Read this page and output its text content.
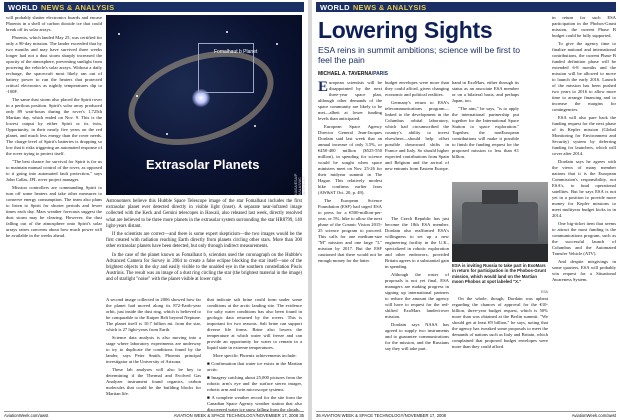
WORLD NEWS & ANALYSIS

will probably shatter electronics boards and encase Phoenix in a shell of carbon dioxide ice that could break off its solar arrays.

Phoenix, which landed May 25, was certified for only a 90-day mission. The lander exceeded that by two months and may have survived three weeks longer had not a dust storm sharply increased the opacity of the atmosphere, preventing sunlight from powering the vehicle's solar arrays. Without a daily recharge, the spacecraft most likely ran out of battery power to run the heaters that protected critical electronics as nightly temperatures dip to -100F.

The same dust storm also placed the Spirit rover in a perilous position. Spirit's solar array produced only 89 watt-hours during the rover's 1,725th Martian day, which ended on Nov. 9. This is the lowest output by either Spirit or its twin, Opportunity, in their nearly five years on the red planet, and much less energy than the rover needs. The charge level of Spirit's batteries is dropping so low that it risks triggering an automated response of the rover trying to protect itself.

"The best chance for survival for Spirit is for us to maintain manual control of the rover, as opposed to it going into automated fault protection," says John Callas, JPL rover project manager.

Mission controllers are commanding Spirit to turn off some heaters and take other measures to conserve energy consumption. The team also plans to listen to Spirit for shorter periods and fewer times each day. Mars weather forecasts suggest the dust storm may be clearing. However, the dust falling out of the atmosphere onto Spirit's solar arrays raises concerns about how much power will be available in the weeks ahead.

Fomalhaut b Planet
Extrasolar Planets
NASA/ESA/P. KALAS/UC BERKELEY

Astronomers believe this Hubble Space Telescope image of the star Fomalhaut includes the first extrasolar planet ever detected directly in visible light (inset). A separate near-infrared image collected with the Keck and Gemini telescopes in Hawaii, also released last week, directly resolved what are believed to be three more planets in the extrasolar system surrounding the star HR8799, 140 light-years distant.

If the scientists are correct—and there is some expert skepticism—the two images would be the first created with radiation reaching Earth directly from planets circling other stars. More than 300 other extrasolar planets have been detected, but only through indirect measurements.

In the case of the planet known as Fomalhaut b, scientists used the coronagraph on the Hubble's Advanced Camera for Survey in 2004 to create a false eclipse blocking the star itself—one of the brightest objects in the sky and easily visible to the unaided eye in the southern constellation Piscis Austrinis. The result was an image of a dust ring circling the star (the brightest material in the image) and of starlight "noise" with the planet visible at lower right.

A second image collected in 2006 showed how far the planet had moved along its 872-Earth-year orbit, just inside the dust ring, which is believed to be comparable to the Kuiper Belt beyond Neptune. The planet itself is 10.7 billion mi. from the star, which is 27 light-years from Earth.

Science data analysis is also moving into a stage where laboratory experiments are underway to try to duplicate the conditions found by the lander, says Peter Smith, Phoenix principal investigator at the University of Arizona.

These lab analyses will also be key to determining if the Thermal and Evolved Gas Analyzer instrument found organics, carbon molecules that could be the building blocks for Martian life.

that indicate salt brine could form under some conditions at the arctic landing site. The evidence for salty water conditions has also been found in geologic data returned by the rovers. This is important for two reasons. Salt brine can support diverse life forms. Brine also lowers the temperature at which water will freeze and can provide an opportunity for water to remain in a liquid state in extreme temperatures.

More specific Phoenix achievements include:

■ Confirmation that water ice exists in the Martian arctic.

■ Imagery catching about 25,000 pictures from the robotic arm's eye and the surface stereo imager, robotic arm and twin microscope systems.

■ A complete weather record for the site from the Canadian Space Agency weather station that also discovered water ice snow falling from the clouds.

AviationWeek.com/awst	AVIATION WEEK & SPACE TECHNOLOGY/NOVEMBER 17, 2008 35
WORLD NEWS & ANALYSIS
Lowering Sights
ESA reins in summit ambitions; science will be first to feel the pain
MICHAEL A. TAVERNA/PARIS

European scientists will be disappointed by the next three-year space plan, although other demands of the space community are likely to be met—albeit at lower funding levels than anticipated.

European Space Agency Director General Jean-Jacques Dordain said last week that an annual increase of only 3.5%, or €450-400 million ($525-550 million), in spending for science would be sought when space ministers meet on Nov. 25-26 for their midyear summit in The Hague. This relatively modest hike confirms earlier fears (AW&ST Oct. 20, p. 49).

The European Science Foundation (ESF) had urged ESA to press for a €500-million-per-year, or 5%, hike to allow the next phase of the Cosmic Vision 2015-25 science program to proceed. This calls for one medium-size "M" mission and one large "L" mission by 2017. But the ESF cautioned that there would not be enough money for the latter.

budget envelopes were more than they could afford, given changing economic and political realities.

Germany's return to ESA's telecommunications program—linked to the development in the Columbus orbital laboratory, which had circumscribed the country's ability to invest elsewhere—should help offset possible downward shifts in France and Italy. So should higher expected contributions from Spain and Belgium and the arrival of new entrants from Eastern Europe.

hand in ExoMars, either through its status as an associate ESA member or on a bilateral basis, and perhaps Japan, too.

"The aim," he says, "is to apply the international partnership put together for the International Space Station to space exploration." Together, the nonEuropean contributions will make it possible to finish the funding request for the proposed mission to less than €1 billion.

ESA is inviting Russia to take part in ExoMars in return for participation in the Phobos-Grunt mission, which would land on the Martian moon Phobos at spot labeled "X."
ESA

The Czech Republic has just become the 18th ESA member. Dordain also reaffirmed ESA's willingness to set up a new engineering facility in the U.K., specialized in robotic exploration and other endeavors, provided Britain agrees to a substantial gain in spending.

Although the roster of proposals is not yet final, ESA managers are making progress in signing up international partners to reduce the amount the agency will have to request for the red-shifted ExoMars lander/rover mission.

Dordain says NASA has agreed to supply two instruments and to guarantee communications for the mission, and the Russians say they will take part.

On the whole, though, Dordain was upbeat regarding the chances of approval for the €10-billion, three-year budget request, which is 50% more than was obtained at the Berlin summit. "We should get at least €9 billion," he says, noting that the agency has tweaked some proposals to meet the demands of nations such as Italy and Britain, which complained that proposed budget envelopes were more than they could afford.

in return for such ESA participation in the Phobos-Grunt mission, the current Phase B budget could be fully supported.

To give the agency time to finalize national and international contributions, the current Phase B funded definition phase will be extended 6-8 months and the mission will be allowed to move to launch the early 2016. Launch of the mission has been pushed two years to 2016 to allow more time to arrange financing and to increase the margins for contingencies.

ESA will also pare back the funding request for the next phase of its Kepler mission (Global Monitoring for Environment and Security) system by deferring funding for launchers, which will cover after 2014.

Dordain says he agrees with the views of many member nations that it is the European Commission's responsibility, not ESA's, to fund operational satellites. But he says ESA is not yet in a position to provide more money for Kepler missions to meet multiyear budget kicks in in 2014.

One big-ticket item that seems to attract the most funding is the communications program, such as the successful launch of Columbus and the Automated Transfer Vehicle (ATV).

And despite misgivings in some quarters, ESA will probably win request for a Situational Awareness System.

36 AVIATION WEEK & SPACE TECHNOLOGY/NOVEMBER 17, 2008	AviationWeek.com/awst
